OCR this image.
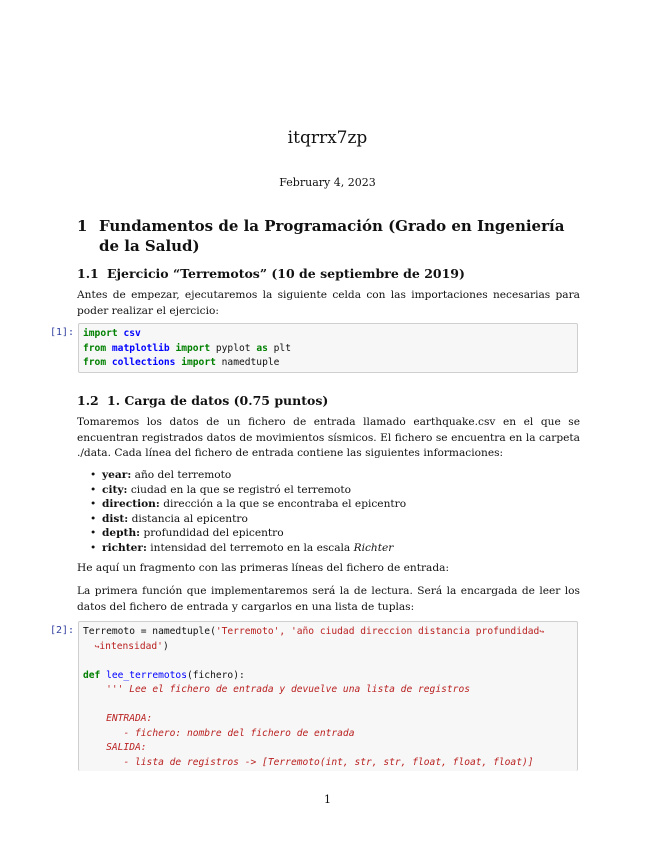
itqrrx7zp
February 4, 2023
1 Fundamentos de la Programación (Grado en Ingeniería de la Salud)
1.1 Ejercicio “Terremotos” (10 de septiembre de 2019)
Antes de empezar, ejecutaremos la siguiente celda con las importaciones necesarias para poder realizar el ejercicio:
[1]: import csv
from matplotlib import pyplot as plt
from collections import namedtuple
1.2 1. Carga de datos (0.75 puntos)
Tomaremos los datos de un fichero de entrada llamado earthquake.csv en el que se encuentran registrados datos de movimientos sísmicos. El fichero se encuentra en la carpeta ./data. Cada línea del fichero de entrada contiene las siguientes informaciones:
• year: año del terremoto
• city: ciudad en la que se registró el terremoto
• direction: dirección a la que se encontraba el epicentro
• dist: distancia al epicentro
• depth: profundidad del epicentro
• richter: intensidad del terremoto en la escala Richter
He aquí un fragmento con las primeras líneas del fichero de entrada:
La primera función que implementaremos será la de lectura. Será la encargada de leer los datos del fichero de entrada y cargarlos en una lista de tuplas:
[2]: Terremoto = namedtuple('Terremoto', 'año ciudad direccion distancia profundidad↪
↪intensidad')

def lee_terremotos(fichero):
''' Lee el fichero de entrada y devuelve una lista de registros

ENTRADA:
- fichero: nombre del fichero de entrada
SALIDA:
- lista de registros -> [Terremoto(int, str, str, float, float, float)]
1
